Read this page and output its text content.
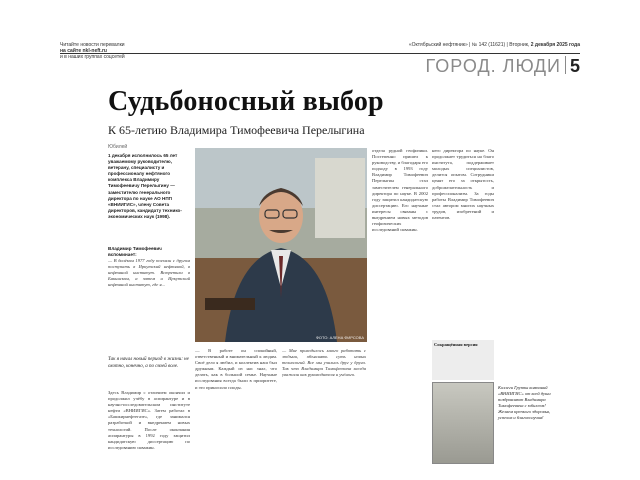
Читайте новости перевалки
на сайте nkl-neft.ru
и в наших группах соцсетей
«Октябрьский нефтяник» | № 142 (11621) | Вторник, 2 декабря 2025 года
ГОРОД. ЛЮДИ 5
Судьбоносный выбор
К 65-летию Владимира Тимофеевича Перелыгина
Юбилей
1 декабря исполнилось 65 лет уважаемому руководителю, ветерану, специалисту и профессионалу нефтяного комплекса Владимиру Тимофеевичу Перелыгину — заместителю генерального директора по науке АО НПП «ВНИИГИС», члену Совета директоров, кандидату технико-экономических наук (1998).
Владимир Тимофеевич вспоминает:
— В далёком 1977 году поехали с другом поступать в Иркутский нефтяной, в нефтяной институт. Встретили в Бакинском, а затем и Иркутский нефтяной институт, где я...
ФОТО: АЛЕНА ФИРСОВА
Так я начал новый период в жизни: не охотно, конечно, а по своей воле.
Здесь Владимир с отличием окончил и продолжил учёбу в аспирантуре и в научно-исследовательском институте нефти «ВНИИГИС». Затем работал в «Башкирнефтегазе», где занимался разработкой и внедрением новых технологий. После окончания аспирантуры в 1992 году защитил кандидатскую диссертацию по исследованию скважин.
— В работе он спокойный, ответственный и внимательный к людям. Своё дело я любил, и коллектив наш был дружным. Каждый из нас знал, что делать, как в большой семье. Научные исследования всегда были в приоритете, и это приносило плоды.
— Мне приходилось много работать с людьми, объяснять суть новых технологий. Все мы учились друг у друга. Так что Владимира Тимофеевича всегда уважали как руководителя и учёного.
отдела рудной геофизики. Постепенно пришел к руководству, и благодаря его подходу в 1993 году Владимир Тимофеевич Перелыгин стал заместителем генерального директора по науке. В 2002 году защитил кандидатскую диссертацию. Его научные интересы связаны с внедрением новых методов геофизических исследований скважин.
него директора по науке. Он продолжает трудиться на благо института, поддерживает молодых специалистов, делится опытом. Сотрудники ценят его за открытость, доброжелательность и профессионализм. За годы работы Владимир Тимофеевич стал автором многих научных трудов, изобретений и патентов.
Сокращённая версия
Коллеги Группы компаний «ВНИИГИС» от всей души поздравляют Владимира Тимофеевича с юбилеем! Желаем крепкого здоровья, успехов и благополучия!
